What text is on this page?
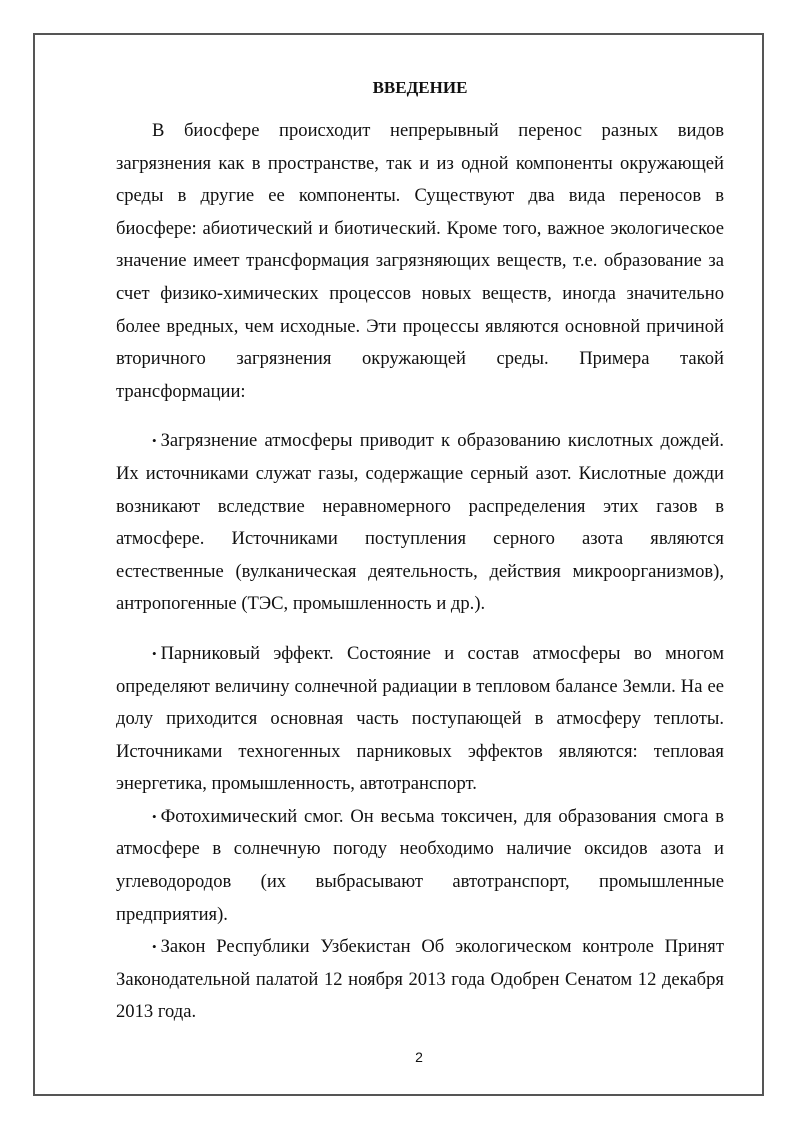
ВВЕДЕНИЕ

В биосфере происходит непрерывный перенос разных видов загрязнения как в пространстве, так и из одной компоненты окружающей среды в другие ее компоненты. Существуют два вида переносов в биосфере: абиотический и биотический. Кроме того, важное экологическое значение имеет трансформация загрязняющих веществ, т.е. образование за счет физико-химических процессов новых веществ, иногда значительно более вредных, чем исходные. Эти процессы являются основной причиной вторичного загрязнения окружающей среды. Примера такой трансформации:

• Загрязнение атмосферы приводит к образованию кислотных дождей. Их источниками служат газы, содержащие серный азот. Кислотные дожди возникают вследствие неравномерного распределения этих газов в атмосфере. Источниками поступления серного азота являются естественные (вулканическая деятельность, действия микроорганизмов), антропогенные (ТЭС, промышленность и др.).

• Парниковый эффект. Состояние и состав атмосферы во многом определяют величину солнечной радиации в тепловом балансе Земли. На ее долу приходится основная часть поступающей в атмосферу теплоты. Источниками техногенных парниковых эффектов являются: тепловая энергетика, промышленность, автотранспорт.

• Фотохимический смог. Он весьма токсичен, для образования смога в атмосфере в солнечную погоду необходимо наличие оксидов азота и углеводородов (их выбрасывают автотранспорт, промышленные предприятия).

• Закон Республики Узбекистан Об экологическом контроле Принят Законодательной палатой 12 ноября 2013 года Одобрен Сенатом 12 декабря 2013 года.

2
